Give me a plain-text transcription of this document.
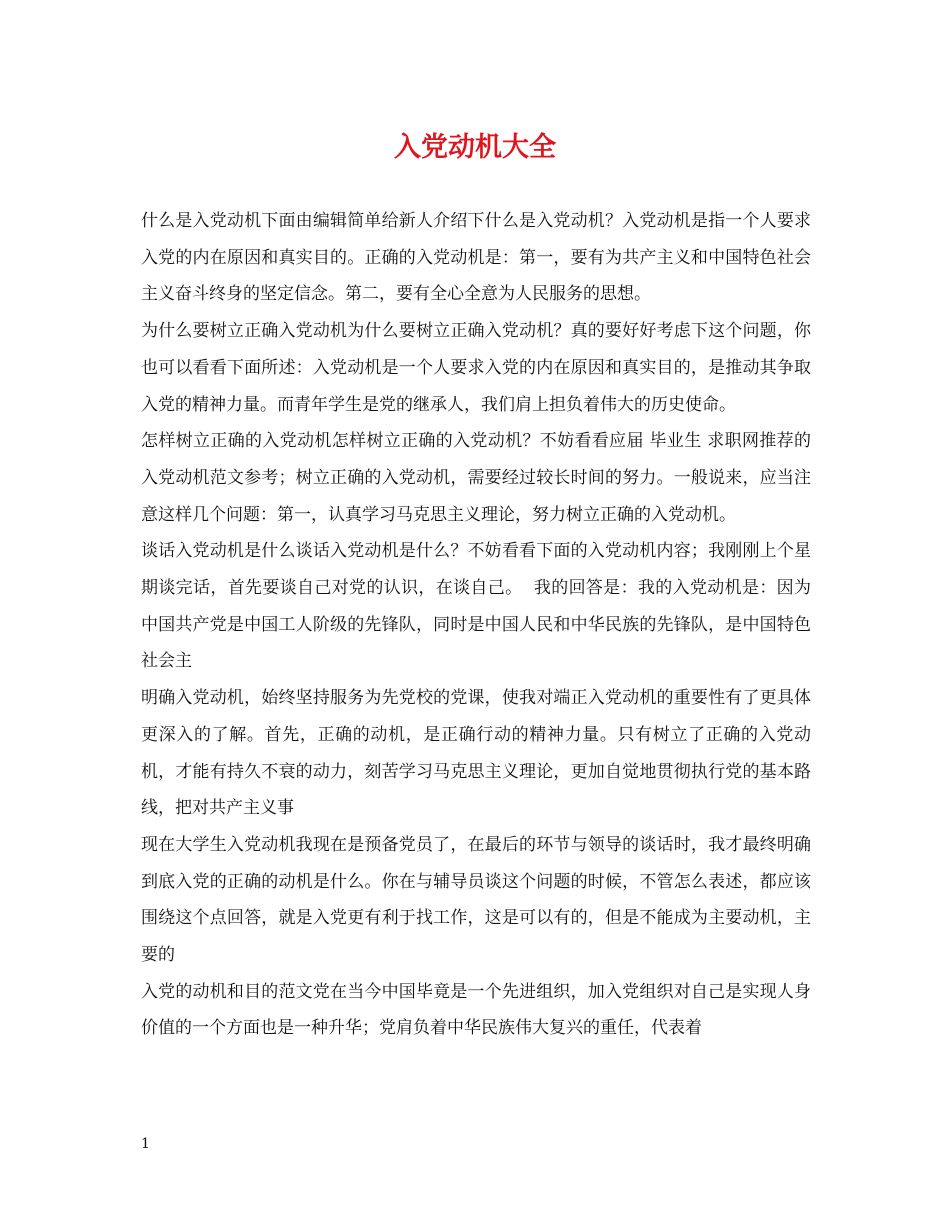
入党动机大全

什么是入党动机下面由编辑简单给新人介绍下什么是入党动机？入党动机是指一个人要求入党的内在原因和真实目的。正确的入党动机是：第一，要有为共产主义和中国特色社会主义奋斗终身的坚定信念。第二，要有全心全意为人民服务的思想。

为什么要树立正确入党动机为什么要树立正确入党动机？真的要好好考虑下这个问题，你也可以看看下面所述：入党动机是一个人要求入党的内在原因和真实目的，是推动其争取入党的精神力量。而青年学生是党的继承人，我们肩上担负着伟大的历史使命。

怎样树立正确的入党动机怎样树立正确的入党动机？不妨看看应届 毕业生 求职网推荐的入党动机范文参考；树立正确的入党动机，需要经过较长时间的努力。一般说来，应当注意这样几个问题：第一，认真学习马克思主义理论，努力树立正确的入党动机。

谈话入党动机是什么谈话入党动机是什么？不妨看看下面的入党动机内容；我刚刚上个星期谈完话，首先要谈自己对党的认识，在谈自己。  我的回答是：我的入党动机是：因为中国共产党是中国工人阶级的先锋队，同时是中国人民和中华民族的先锋队，是中国特色社会主

明确入党动机，始终坚持服务为先党校的党课，使我对端正入党动机的重要性有了更具体更深入的了解。首先，正确的动机，是正确行动的精神力量。只有树立了正确的入党动机，才能有持久不衰的动力，刻苦学习马克思主义理论，更加自觉地贯彻执行党的基本路线，把对共产主义事

现在大学生入党动机我现在是预备党员了，在最后的环节与领导的谈话时，我才最终明确到底入党的正确的动机是什么。你在与辅导员谈这个问题的时候，不管怎么表述，都应该围绕这个点回答，就是入党更有利于找工作，这是可以有的，但是不能成为主要动机，主要的

入党的动机和目的范文党在当今中国毕竟是一个先进组织，加入党组织对自己是实现人身价值的一个方面也是一种升华；党肩负着中华民族伟大复兴的重任，代表着

1
